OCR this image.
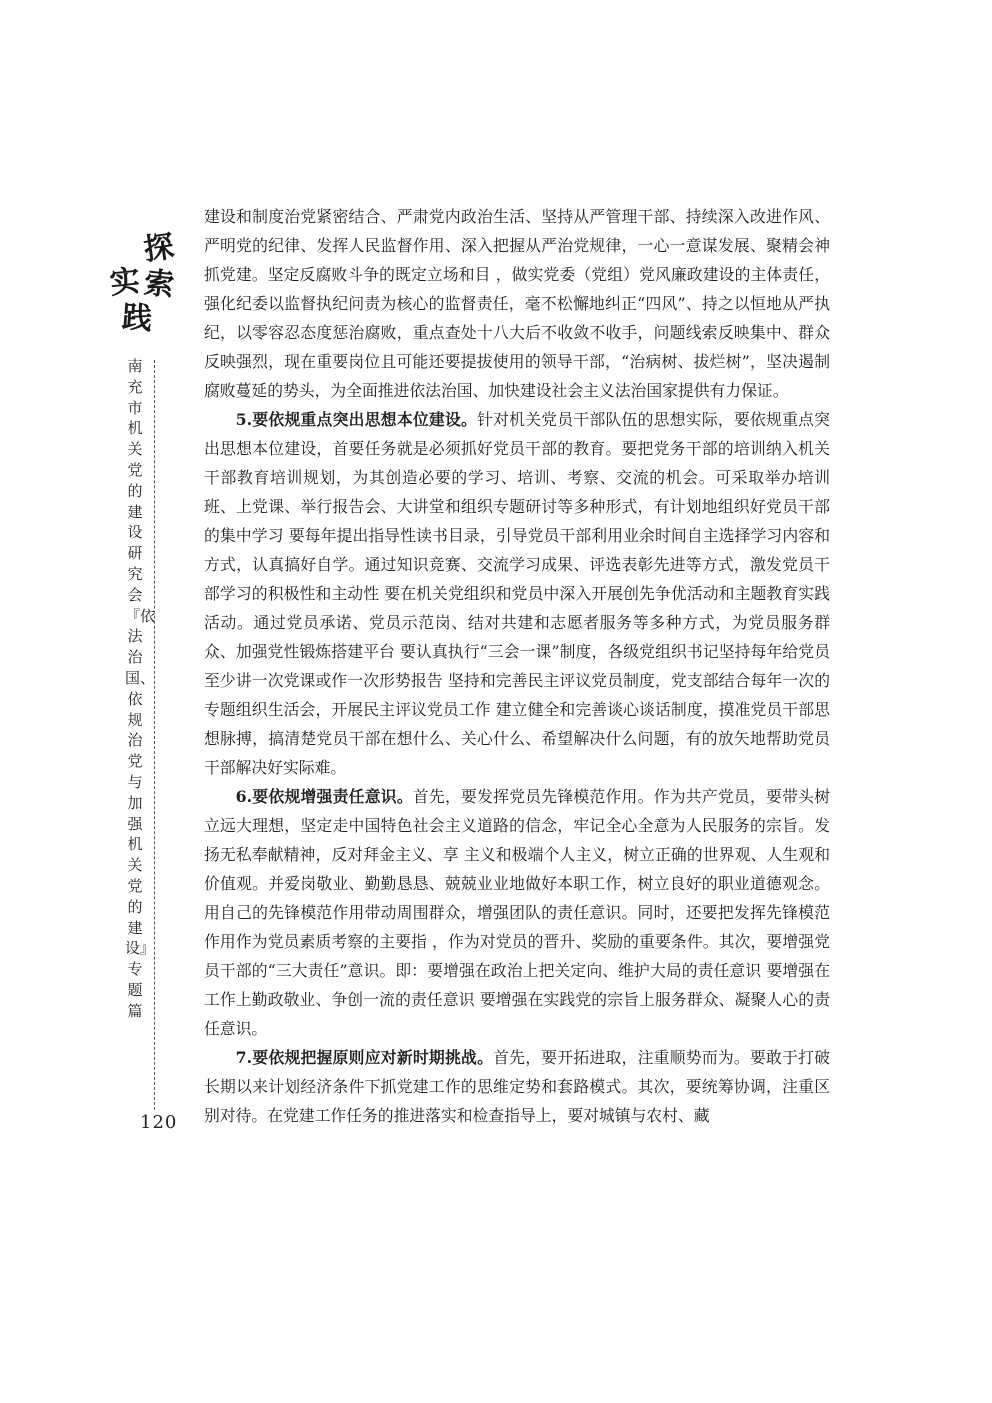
探
索
实
践
南充市机关党的建设研究会『依法治国、依规治党与加强机关党的建设』专题篇
120

建设和制度治党紧密结合、严肃党内政治生活、坚持从严管理干部、持续深入改进作风、严明党的纪律、发挥人民监督作用、深入把握从严治党规律，一心一意谋发展、聚精会神抓党建。坚定反腐败斗争的既定立场和目 ，做实党委（党组）党风廉政建设的主体责任，强化纪委以监督执纪问责为核心的监督责任，毫不松懈地纠正“四风”、持之以恒地从严执纪，以零容忍态度惩治腐败，重点查处十八大后不收敛不收手，问题线索反映集中、群众反映强烈，现在重要岗位且可能还要提拔使用的领导干部，“治病树、拔烂树”，坚决遏制腐败蔓延的势头，为全面推进依法治国、加快建设社会主义法治国家提供有力保证。

5.要依规重点突出思想本位建设。针对机关党员干部队伍的思想实际，要依规重点突出思想本位建设，首要任务就是必须抓好党员干部的教育。要把党务干部的培训纳入机关干部教育培训规划，为其创造必要的学习、培训、考察、交流的机会。可采取举办培训班、上党课、举行报告会、大讲堂和组织专题研讨等多种形式，有计划地组织好党员干部的集中学习 要每年提出指导性读书目录，引导党员干部利用业余时间自主选择学习内容和方式，认真搞好自学。通过知识竞赛、交流学习成果、评选表彰先进等方式，激发党员干部学习的积极性和主动性 要在机关党组织和党员中深入开展创先争优活动和主题教育实践活动。通过党员承诺、党员示范岗、结对共建和志愿者服务等多种方式，为党员服务群众、加强党性锻炼搭建平台 要认真执行“三会一课”制度，各级党组织书记坚持每年给党员至少讲一次党课或作一次形势报告 坚持和完善民主评议党员制度，党支部结合每年一次的专题组织生活会，开展民主评议党员工作 建立健全和完善谈心谈话制度，摸准党员干部思想脉搏，搞清楚党员干部在想什么、关心什么、希望解决什么问题，有的放矢地帮助党员干部解决好实际难。

6.要依规增强责任意识。首先，要发挥党员先锋模范作用。作为共产党员，要带头树立远大理想，坚定走中国特色社会主义道路的信念，牢记全心全意为人民服务的宗旨。发扬无私奉献精神，反对拜金主义、享 主义和极端个人主义，树立正确的世界观、人生观和价值观。并爱岗敬业、勤勤恳恳、兢兢业业地做好本职工作，树立良好的职业道德观念。用自己的先锋模范作用带动周围群众，增强团队的责任意识。同时，还要把发挥先锋模范作用作为党员素质考察的主要指 ，作为对党员的晋升、奖励的重要条件。其次，要增强党员干部的“三大责任”意识。即：要增强在政治上把关定向、维护大局的责任意识 要增强在工作上勤政敬业、争创一流的责任意识 要增强在实践党的宗旨上服务群众、凝聚人心的责任意识。

7.要依规把握原则应对新时期挑战。首先，要开拓进取，注重顺势而为。要敢于打破长期以来计划经济条件下抓党建工作的思维定势和套路模式。其次，要统筹协调，注重区别对待。在党建工作任务的推进落实和检查指导上，要对城镇与农村、藏
